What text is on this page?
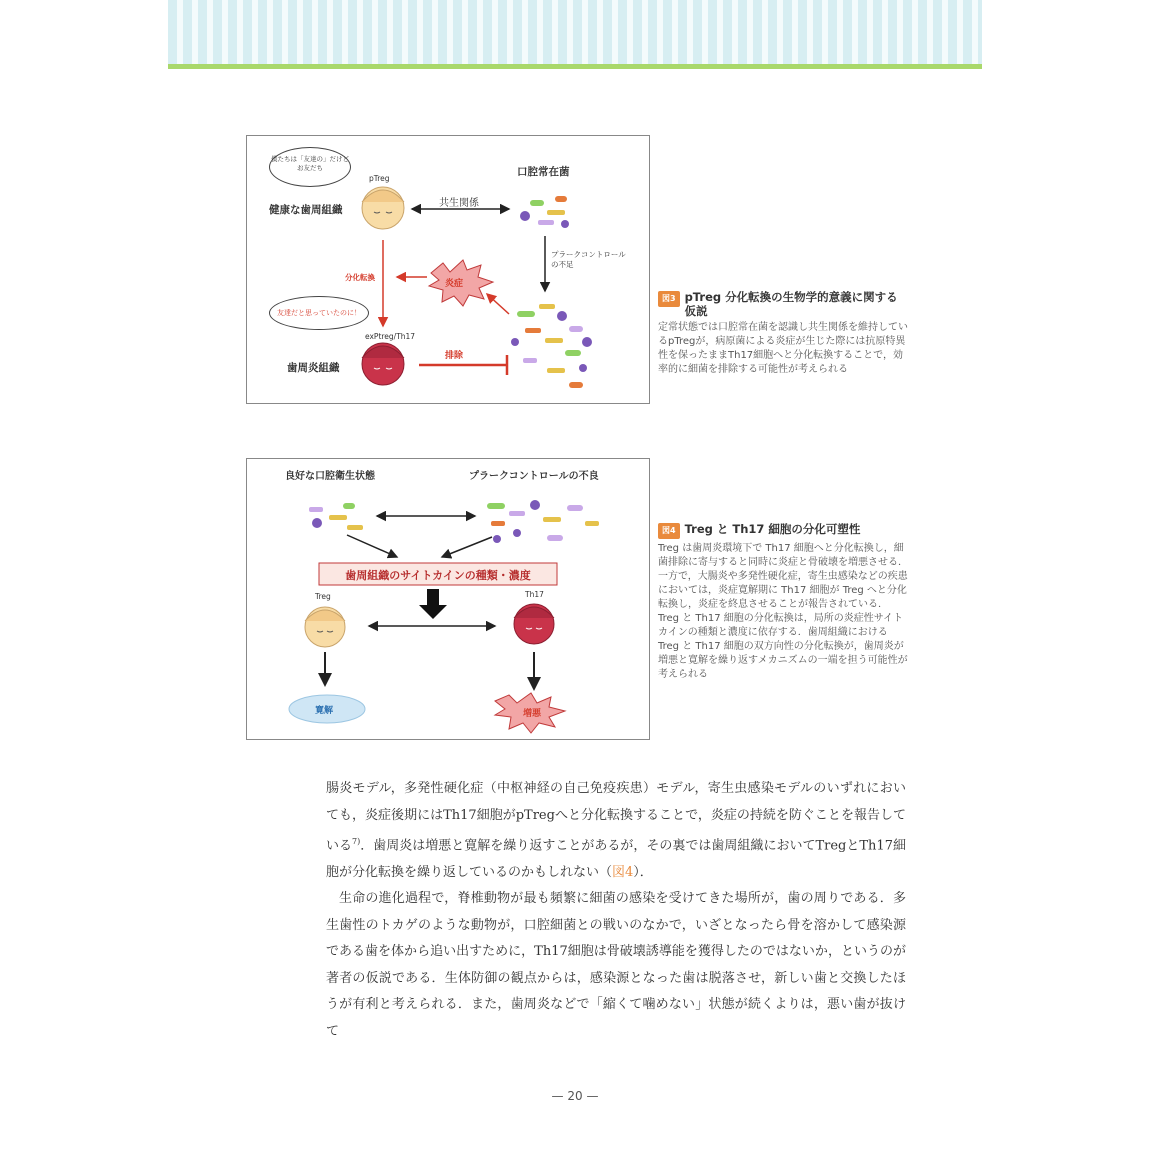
僕たちは「友達の」だけどお友だち
pTreg
健康な歯周組織
共生関係
口腔常在菌
プラークコントロールの不足
分化転換
炎症
友達だと思っていたのに！
exPtreg/Th17
歯周炎組織
排除
図3 pTreg 分化転換の生物学的意義に関する仮説
定常状態では口腔常在菌を認識し共生関係を維持しているpTregが，病原菌による炎症が生じた際には抗原特異性を保ったままTh17細胞へと分化転換することで，効率的に細菌を排除する可能性が考えられる
良好な口腔衛生状態	プラークコントロールの不良
歯周組織のサイトカインの種類・濃度
Treg	Th17
寛解	増悪
図4 Treg と Th17 細胞の分化可塑性
Treg は歯周炎環境下で Th17 細胞へと分化転換し，細菌排除に寄与すると同時に炎症と骨破壊を増悪させる．一方で，大腸炎や多発性硬化症，寄生虫感染などの疾患においては，炎症寛解期に Th17 細胞が Treg へと分化転換し，炎症を終息させることが報告されている．Treg と Th17 細胞の分化転換は，局所の炎症性サイトカインの種類と濃度に依存する．歯周組織における Treg と Th17 細胞の双方向性の分化転換が，歯周炎が増悪と寛解を繰り返すメカニズムの一端を担う可能性が考えられる

腸炎モデル，多発性硬化症（中枢神経の自己免疫疾患）モデル，寄生虫感染モデルのいずれにおいても，炎症後期にはTh17細胞がpTregへと分化転換することで，炎症の持続を防ぐことを報告している$^{7)}$．歯周炎は増悪と寛解を繰り返すことがあるが，その裏では歯周組織においてTregとTh17細胞が分化転換を繰り返しているのかもしれない（図4）．

生命の進化過程で，脊椎動物が最も頻繁に細菌の感染を受けてきた場所が，歯の周りである．多生歯性のトカゲのような動物が，口腔細菌との戦いのなかで，いざとなったら骨を溶かして感染源である歯を体から追い出すために，Th17細胞は骨破壊誘導能を獲得したのではないか，というのが著者の仮説である．生体防御の観点からは，感染源となった歯は脱落させ，新しい歯と交換したほうが有利と考えられる．また，歯周炎などで「縮くて噛めない」状態が続くよりは，悪い歯が抜けて

— 20 —
